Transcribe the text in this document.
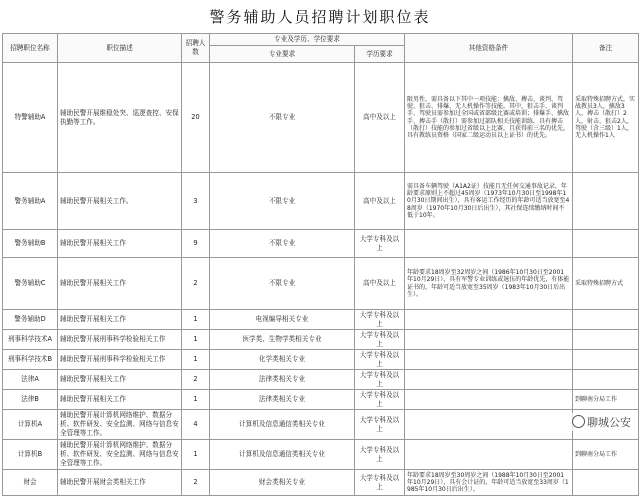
警务辅助人员招聘计划职位表
招聘职位名称	职位描述	招聘人数	专业及学历、学位要求		其他资格条件	备注
			专业要求	学历要求		
特警辅助A	辅助民警开展维稳处突、巡逻查控、安保执勤等工作。	20	不限专业	高中及以上	限男性，需具备以下其中一项技能：擒敌、搏击、谈判、驾驶、狙击、排爆、无人机操作等技能。其中，狙击手、谈判手、驾驶员需参加过全国或省部级比赛或培训；排爆手、擒敌手、搏击手（散打）需参加过部队相关技能训练，具有搏击（散打）技能的参加过省级以上比赛，且获得前三名的优先，具有教练员资格（国家二级运动员以上证书）的优先。	采取特殊招聘方式，实战教员3人，擒敌3人，搏击（散打）2人，射击、狙击2人，驾驶（含三级）1人，无人机操作1人
警务辅助A	辅助民警开展相关工作。	3	不限专业	高中及以上	需具备车辆驾驶（A1A2证）技能且无任何交通事故记录，年龄要求原则上不超过45周岁（1973年10月30日至1998年10月30日期间出生），具有客运工作经历的年龄可适当放宽至48周岁（1970年10月30日后出生），其社保连续缴纳时间不低于10年。	
警务辅助B	辅助民警开展相关工作	9	不限专业	大学专科及以上		
警务辅助C	辅助民警开展相关工作	2	不限专业	高中及以上	年龄要求18周岁至32周岁之间（1986年10月30日至2001年10月29日），具有军警专业训练或退伍的年龄优先，有体能证书的，年龄可适当放宽至35周岁（1983年10月30日后出生）。	采取特殊招聘方式
警务辅助D	辅助民警开展相关工作	1	电视编导相关专业	大学专科及以上		
刑事科学技术A	辅助民警开展刑事科学检验相关工作	1	医学类、生物学类相关专业	大学专科及以上		
刑事科学技术B	辅助民警开展刑事科学检验相关工作	1	化学类相关专业	大学专科及以上		
法律A	辅助民警开展相关工作	2	法律类相关专业	大学专科及以上		
法律B	辅助民警开展相关工作	1	法律类相关专业	大学专科及以上		到聊南分局工作
计算机A	辅助民警开展计算机网络维护、数据分析、软件研发、安全监测、网络与信息安全管理等工作。	4	计算机及信息通信类相关专业	大学专科及以上		
计算机B	辅助民警开展计算机网络维护、数据分析、软件研发、安全监测、网络与信息安全管理等工作。	1	计算机及信息通信类相关专业	大学专科及以上		到聊南分局工作
财会	辅助民警开展财会类相关工作	2	财会类相关专业	大学专科及以上	年龄要求18周岁至30周岁之间（1988年10月30日至2001年10月29日），具有会计证的，年龄可适当放宽至33周岁（1985年10月30日后出生）。	
聊城公安
